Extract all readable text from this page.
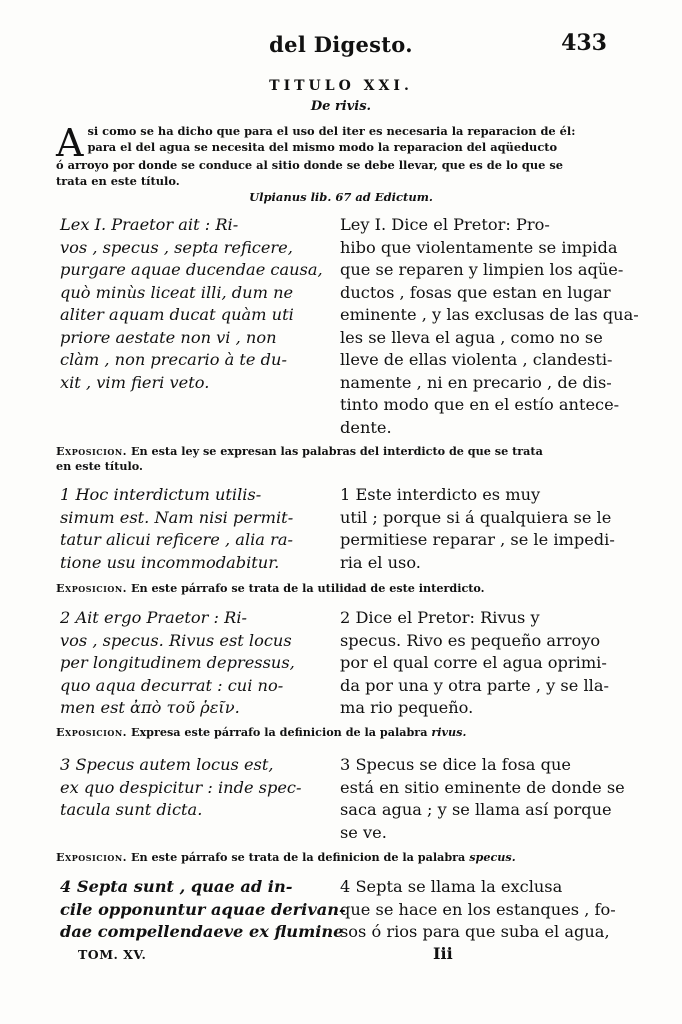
del Digesto.	433
TITULO XXI.
De rivis.
A si como se ha dicho que para el uso del iter es necesaria la reparacion de él:
para el del agua se necesita del mismo modo la reparacion del aqüeducto
ó arroyo por donde se conduce al sitio donde se debe llevar, que es de lo que se
trata en este título.
Ulpianus lib. 67 ad Edictum.
Lex I. Praetor ait : Ri-
vos , specus , septa reficere,
purgare aquae ducendae causa,
quò minùs liceat illi, dum ne
aliter aquam ducat quàm uti
priore aestate non vi , non
clàm , non precario à te du-
xit , vim fieri veto.
Ley I. Dice el Pretor: Pro-
hibo que violentamente se impida
que se reparen y limpien los aqüe-
ductos , fosas que estan en lugar
eminente , y las exclusas de las qua-
les se lleva el agua , como no se
lleve de ellas violenta , clandesti-
namente , ni en precario , de dis-
tinto modo que en el estío antece-
dente.
Exposicion. En esta ley se expresan las palabras del interdicto de que se trata
en este título.
1 Hoc interdictum utilis-
simum est. Nam nisi permit-
tatur alicui reficere , alia ra-
tione usu incommodabitur.
1 Este interdicto es muy
util ; porque si á qualquiera se le
permitiese reparar , se le impedi-
ria el uso.
Exposicion. En este párrafo se trata de la utilidad de este interdicto.
2 Ait ergo Praetor : Ri-
vos , specus. Rivus est locus
per longitudinem depressus,
quo aqua decurrat : cui no-
men est ἀπὸ τοῦ ῥεῖν.
2 Dice el Pretor: Rivus y
specus. Rivo es pequeño arroyo
por el qual corre el agua oprimi-
da por una y otra parte , y se lla-
ma rio pequeño.
Exposicion. Expresa este párrafo la definicion de la palabra rivus.
3 Specus autem locus est,
ex quo despicitur : inde spec-
tacula sunt dicta.
3 Specus se dice la fosa que
está en sitio eminente de donde se
saca agua ; y se llama así porque
se ve.
Exposicion. En este párrafo se trata de la definicion de la palabra specus.
4 Septa sunt , quae ad in-
cile opponuntur aquae derivan-
dae compellendaeve ex flumine
4 Septa se llama la exclusa
que se hace en los estanques , fo-
sos ó rios para que suba el agua,
TOM. XV.	Iii
